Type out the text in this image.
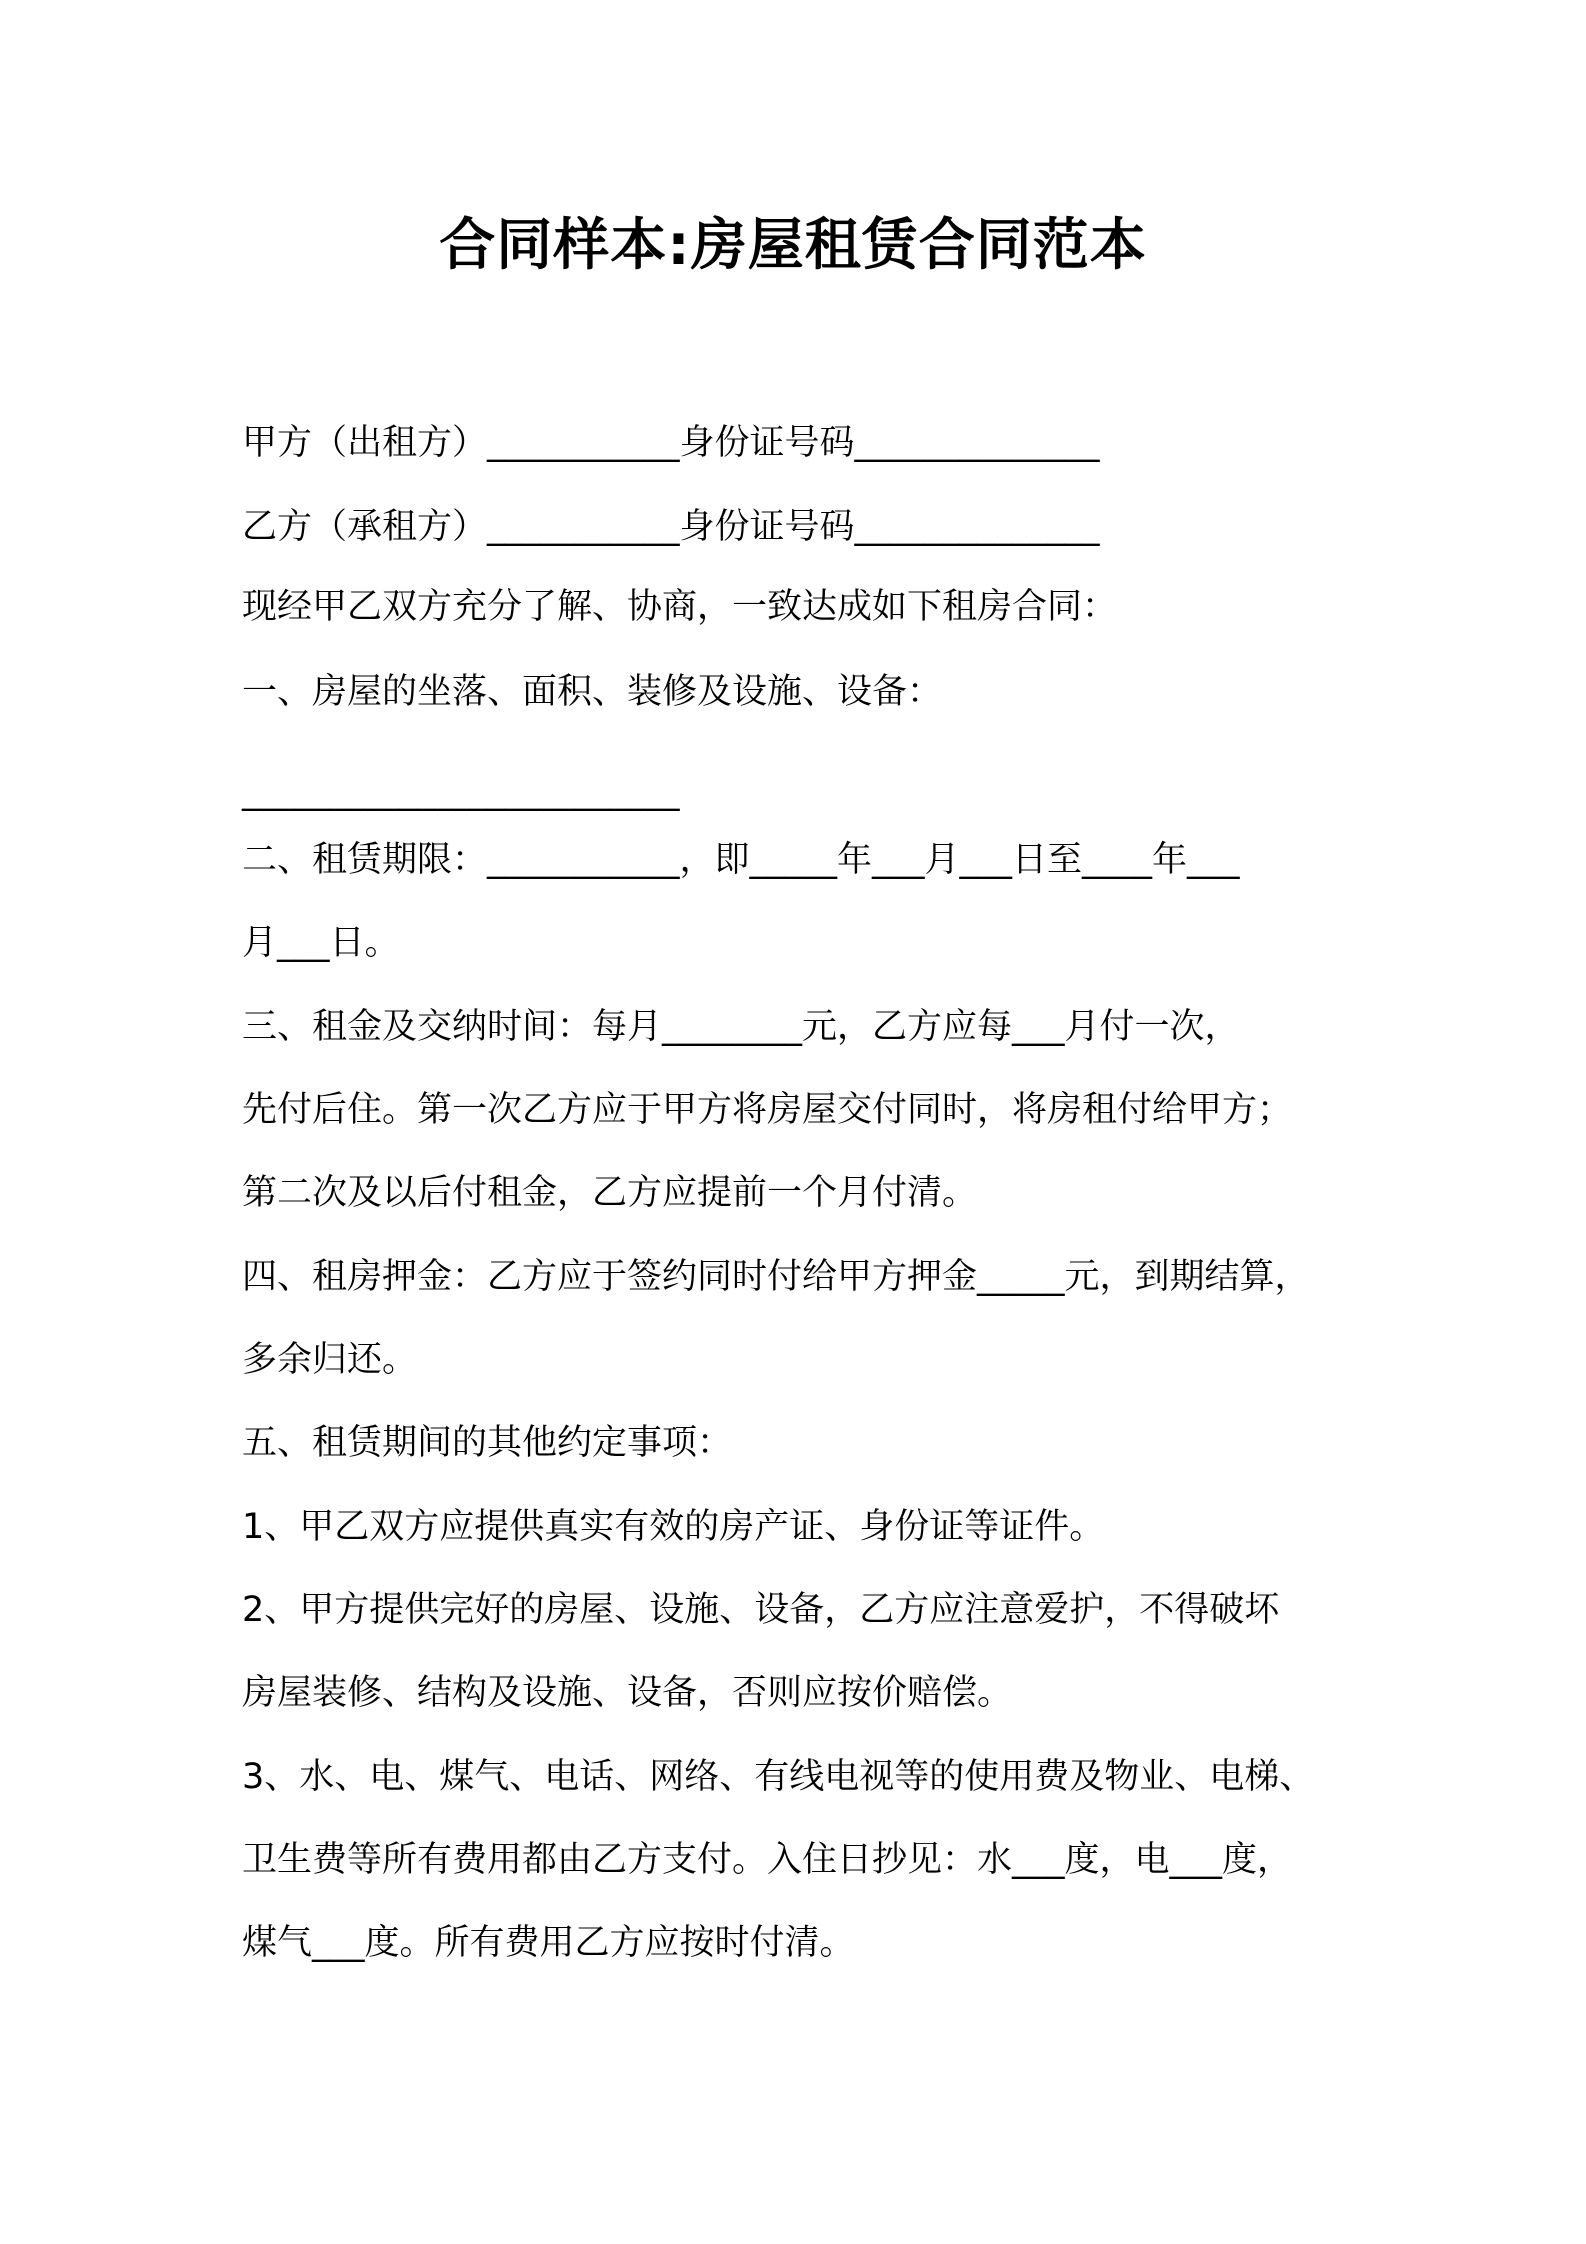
合同样本:房屋租赁合同范本

甲方（出租方）___________身份证号码______________

乙方（承租方）___________身份证号码______________

现经甲乙双方充分了解、协商，一致达成如下租房合同：

一、房屋的坐落、面积、装修及设施、设备：

_________________________

二、租赁期限：___________，即_____年___月___日至____年___

月___日。

三、租金及交纳时间：每月________元，乙方应每___月付一次，

先付后住。第一次乙方应于甲方将房屋交付同时，将房租付给甲方；

第二次及以后付租金，乙方应提前一个月付清。

四、租房押金：乙方应于签约同时付给甲方押金_____元，到期结算，

多余归还。

五、租赁期间的其他约定事项：

1、甲乙双方应提供真实有效的房产证、身份证等证件。

2、甲方提供完好的房屋、设施、设备，乙方应注意爱护，不得破坏

房屋装修、结构及设施、设备，否则应按价赔偿。

3、水、电、煤气、电话、网络、有线电视等的使用费及物业、电梯、

卫生费等所有费用都由乙方支付。入住日抄见：水___度，电___度，

煤气___度。所有费用乙方应按时付清。
